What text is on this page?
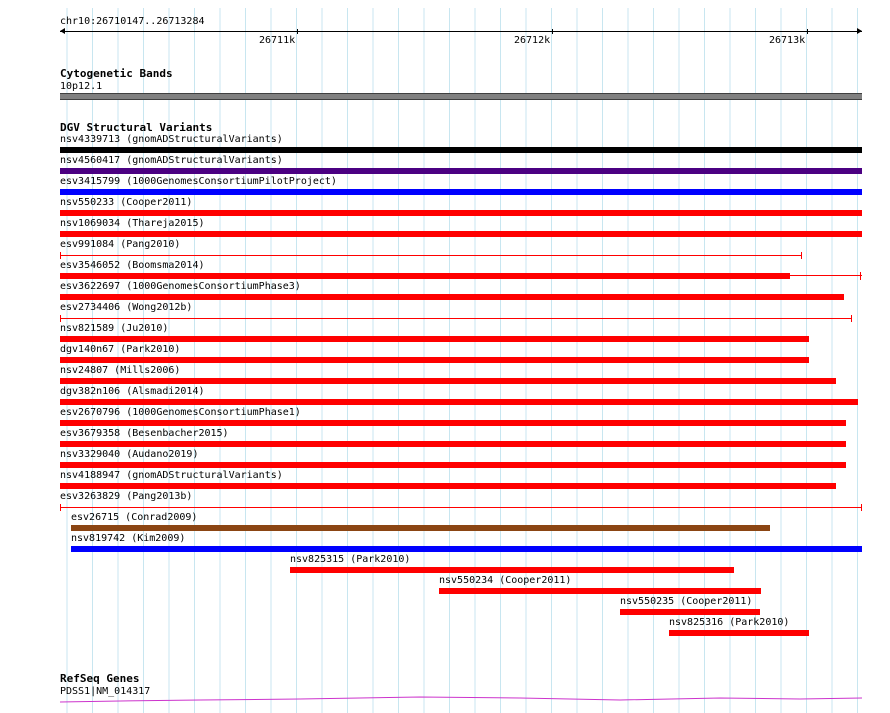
chr10:26710147..26713284
26711k	26712k	26713k
Cytogenetic Bands
10p12.1
DGV Structural Variants
nsv4339713 (gnomADStructuralVariants)
nsv4560417 (gnomADStructuralVariants)
esv3415799 (1000GenomesConsortiumPilotProject)
nsv550233 (Cooper2011)
nsv1069034 (Thareja2015)
esv991084 (Pang2010)
esv3546052 (Boomsma2014)
esv3622697 (1000GenomesConsortiumPhase3)
esv2734406 (Wong2012b)
nsv821589 (Ju2010)
dgv140n67 (Park2010)
nsv24807 (Mills2006)
dgv382n106 (Alsmadi2014)
esv2670796 (1000GenomesConsortiumPhase1)
esv3679358 (Besenbacher2015)
nsv3329040 (Audano2019)
nsv4188947 (gnomADStructuralVariants)
esv3263829 (Pang2013b)
esv26715 (Conrad2009)
nsv819742 (Kim2009)
nsv825315 (Park2010)
nsv550234 (Cooper2011)
nsv550235 (Cooper2011)
nsv825316 (Park2010)
RefSeq Genes
PDSS1|NM_014317
